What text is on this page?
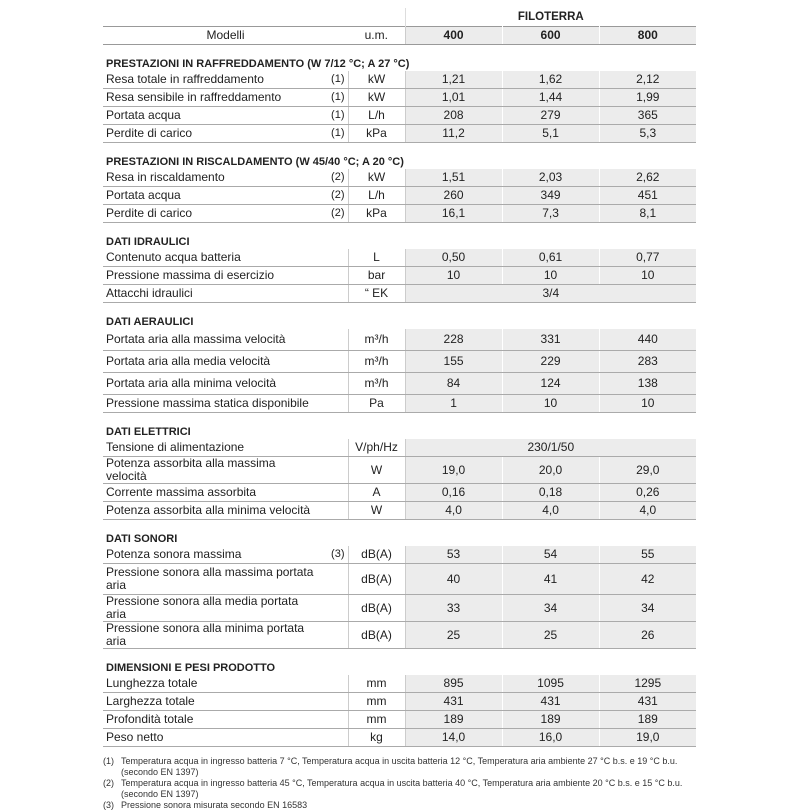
			FILOTERRA		
Modelli		u.m.	400	600	800
PRESTAZIONI IN RAFFREDDAMENTO (W 7/12 °C; A 27 °C)					
Resa totale in raffreddamento	(1)	kW	1,21	1,62	2,12
Resa sensibile in raffreddamento	(1)	kW	1,01	1,44	1,99
Portata acqua	(1)	L/h	208	279	365
Perdite di carico	(1)	kPa	11,2	5,1	5,3
PRESTAZIONI IN RISCALDAMENTO (W 45/40 °C; A 20 °C)					
Resa in riscaldamento	(2)	kW	1,51	2,03	2,62
Portata acqua	(2)	L/h	260	349	451
Perdite di carico	(2)	kPa	16,1	7,3	8,1
DATI IDRAULICI					
Contenuto acqua batteria		L	0,50	0,61	0,77
Pressione massima di esercizio		bar	10	10	10
Attacchi idraulici		“ EK	3/4		
DATI AERAULICI					
Portata aria alla massima velocità		m³/h	228	331	440
Portata aria alla media velocità		m³/h	155	229	283
Portata aria alla minima velocità		m³/h	84	124	138
Pressione massima statica disponibile		Pa	1	10	10
DATI ELETTRICI					
Tensione di alimentazione		V/ph/Hz	230/1/50		
Potenza assorbita alla massima velocità		W	19,0	20,0	29,0
Corrente massima assorbita		A	0,16	0,18	0,26
Potenza assorbita alla minima velocità		W	4,0	4,0	4,0
DATI SONORI					
Potenza sonora massima	(3)	dB(A)	53	54	55
Pressione sonora alla massima portata aria		dB(A)	40	41	42
Pressione sonora alla media portata aria		dB(A)	33	34	34
Pressione sonora alla minima portata aria		dB(A)	25	25	26
DIMENSIONI E PESI PRODOTTO					
Lunghezza totale		mm	895	1095	1295
Larghezza totale		mm	431	431	431
Profondità totale		mm	189	189	189
Peso netto		kg	14,0	16,0	19,0
(1) Temperatura acqua in ingresso batteria 7 °C, Temperatura acqua in uscita batteria 12 °C, Temperatura aria ambiente 27 °C b.s. e 19 °C b.u. (secondo EN 1397)
(2) Temperatura acqua in ingresso batteria 45 °C, Temperatura acqua in uscita batteria 40 °C, Temperatura aria ambiente 20 °C b.s. e 15 °C b.u. (secondo EN 1397)
(3) Pressione sonora misurata secondo EN 16583
